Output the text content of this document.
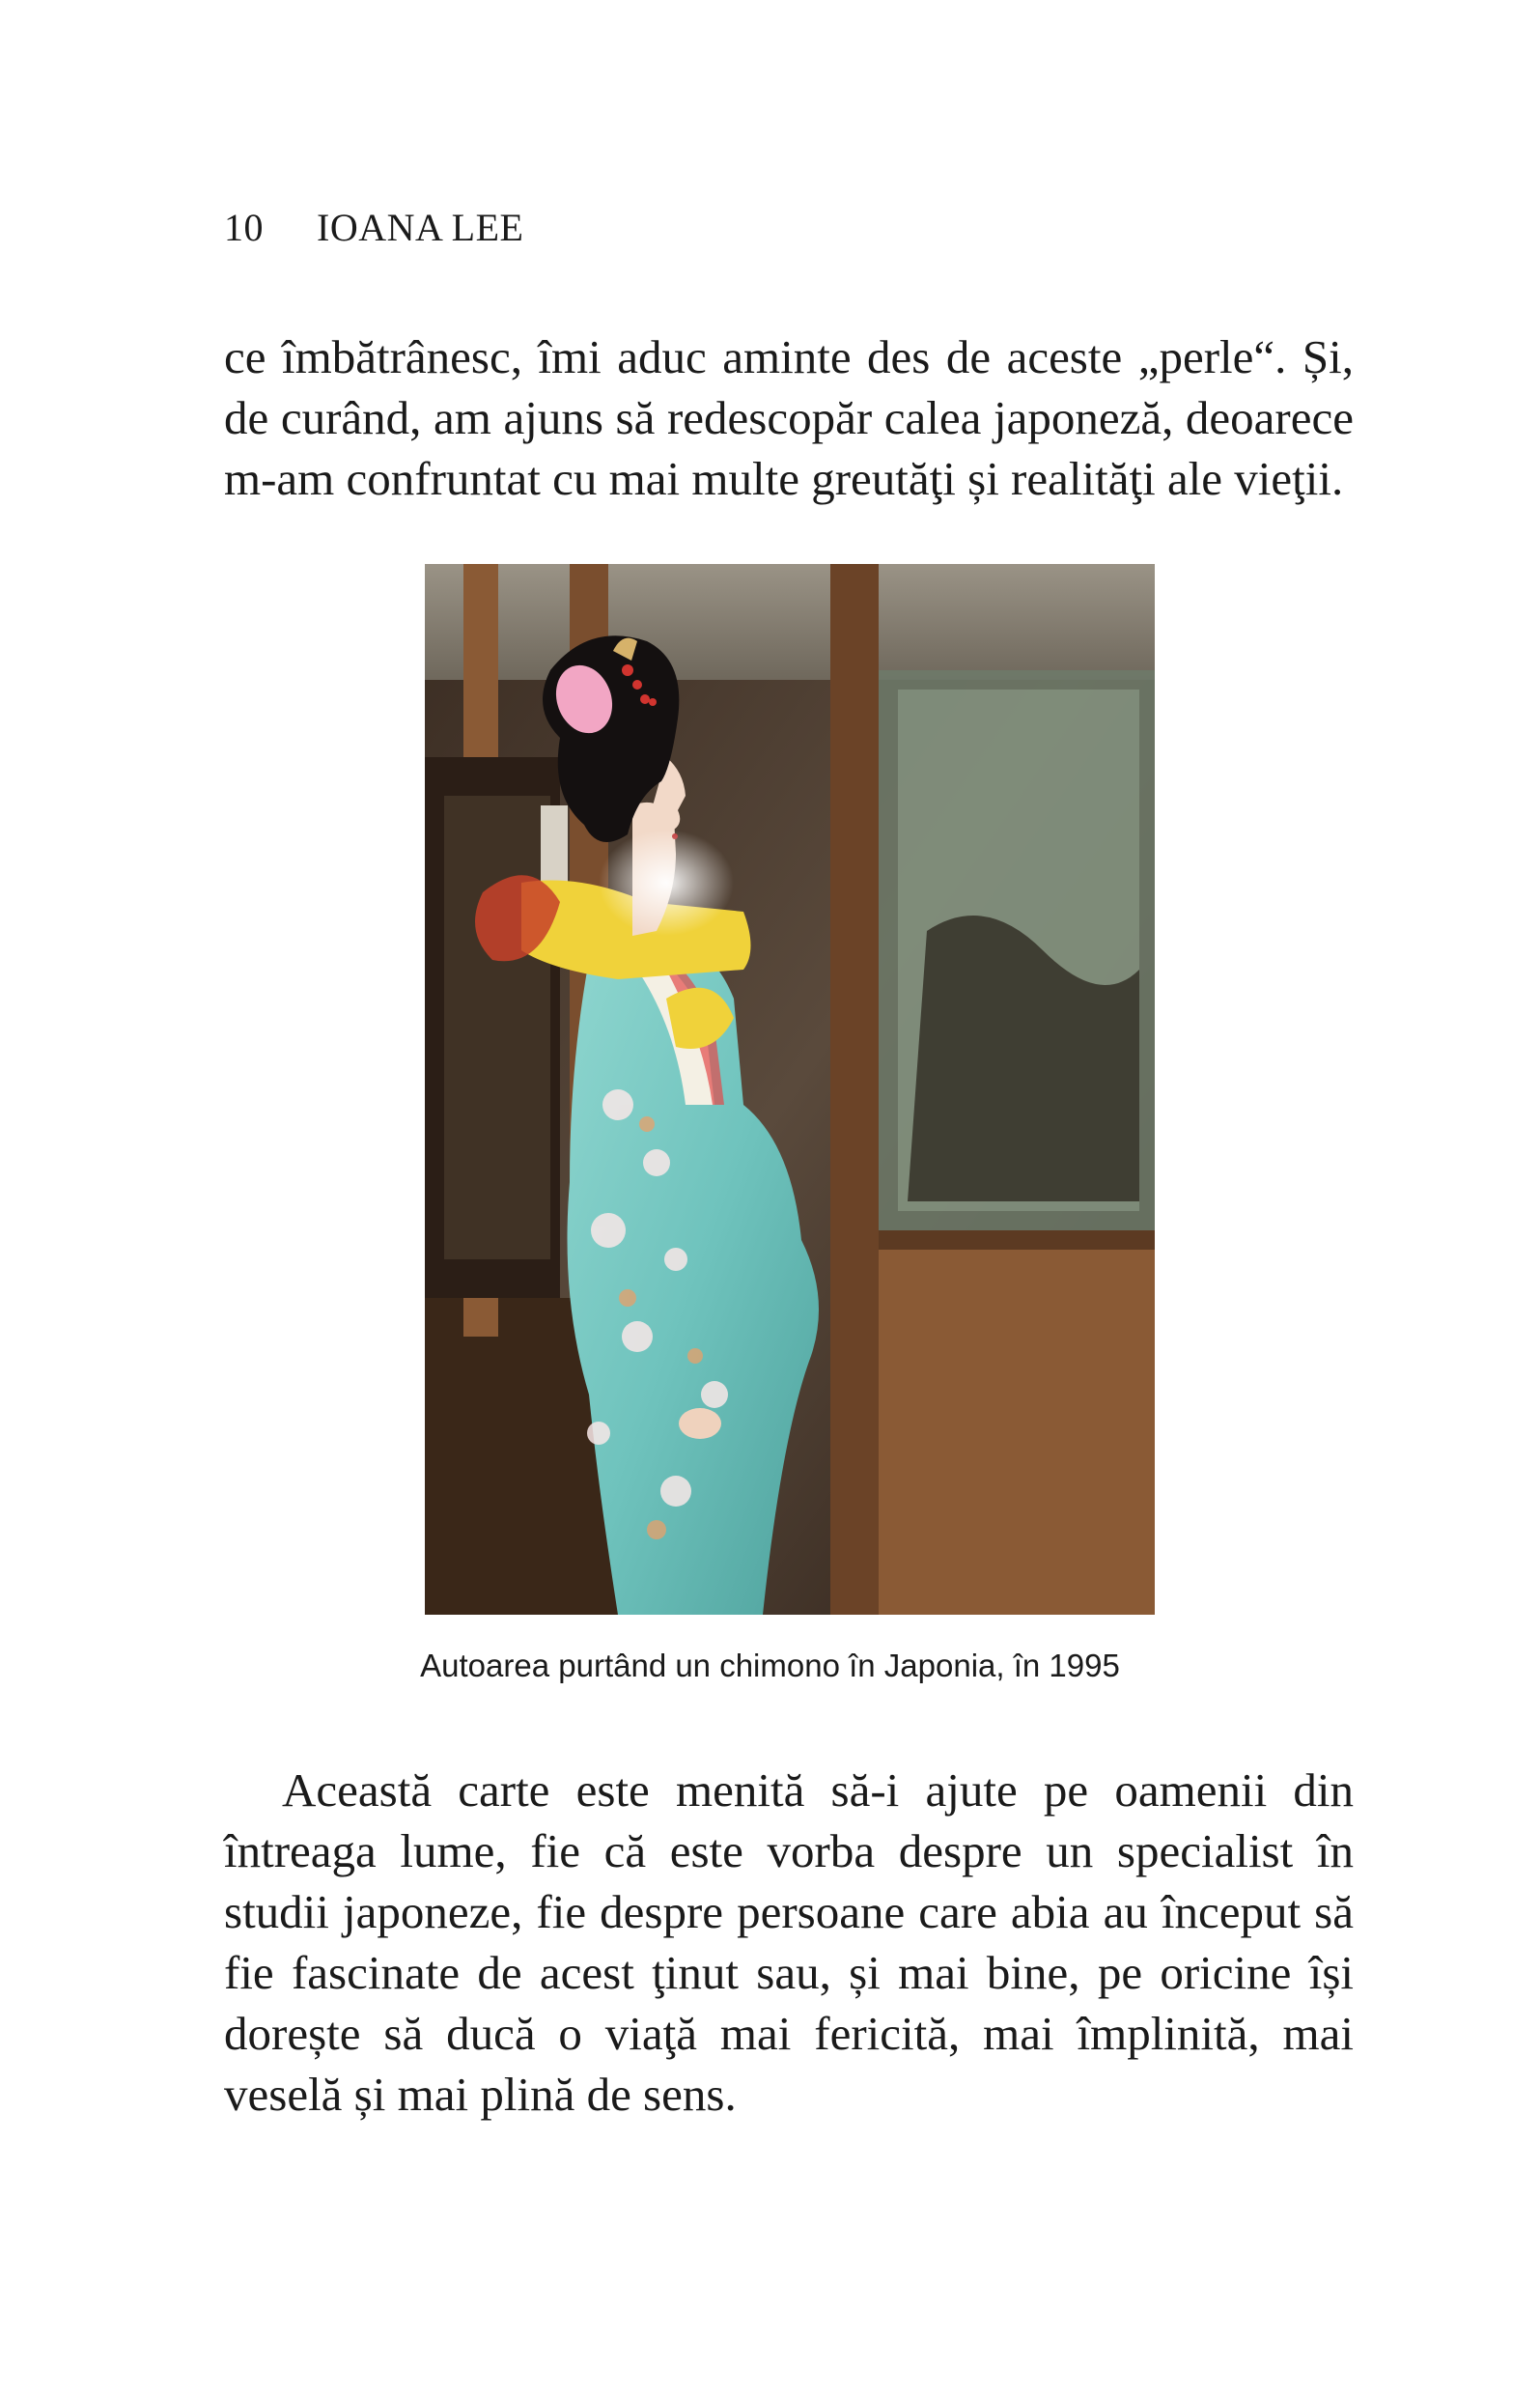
10 IOANA LEE

ce îmbătrânesc, îmi aduc aminte des de aceste „perle“. Și, de curând, am ajuns să redescopăr calea japoneză, deoarece m-am confruntat cu mai multe greutăţi și realităţi ale vieţii.

Autoarea purtând un chimono în Japonia, în 1995

Această carte este menită să-i ajute pe oamenii din întreaga lume, fie că este vorba despre un specialist în studii japoneze, fie despre persoane care abia au început să fie fascinate de acest ţinut sau, și mai bine, pe oricine își dorește să ducă o viaţă mai fericită, mai împlinită, mai veselă și mai plină de sens.
